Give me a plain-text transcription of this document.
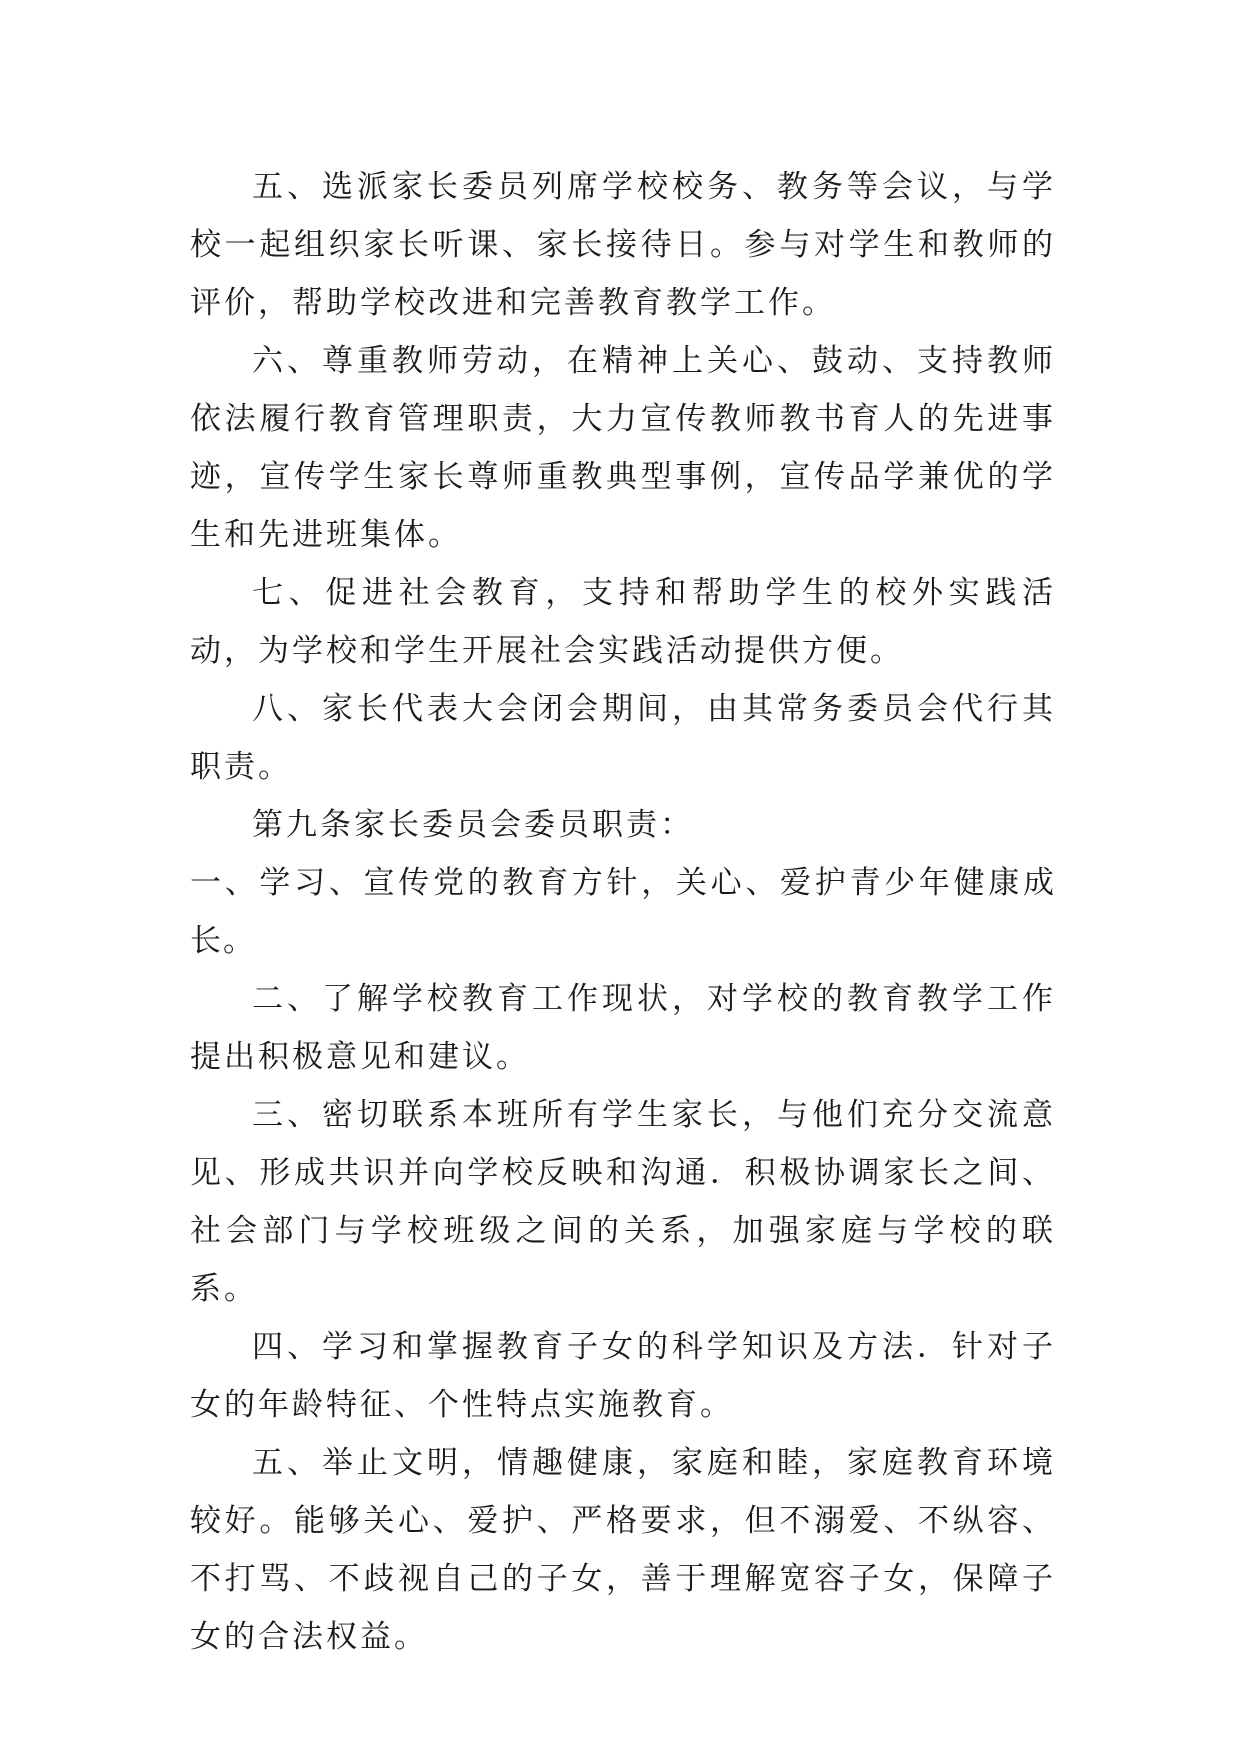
五、选派家长委员列席学校校务、教务等会议，与学校一起组织家长听课、家长接待日。参与对学生和教师的评价，帮助学校改进和完善教育教学工作。

六、尊重教师劳动，在精神上关心、鼓动、支持教师依法履行教育管理职责，大力宣传教师教书育人的先进事迹，宣传学生家长尊师重教典型事例，宣传品学兼优的学生和先进班集体。

七、促进社会教育，支持和帮助学生的校外实践活动，为学校和学生开展社会实践活动提供方便。

八、家长代表大会闭会期间，由其常务委员会代行其职责。

第九条家长委员会委员职责：

一、学习、宣传党的教育方针，关心、爱护青少年健康成长。

二、了解学校教育工作现状，对学校的教育教学工作提出积极意见和建议。

三、密切联系本班所有学生家长，与他们充分交流意见、形成共识并向学校反映和沟通．积极协调家长之间、社会部门与学校班级之间的关系，加强家庭与学校的联系。

四、学习和掌握教育子女的科学知识及方法．针对子女的年龄特征、个性特点实施教育。

五、举止文明，情趣健康，家庭和睦，家庭教育环境较好。能够关心、爱护、严格要求，但不溺爱、不纵容、不打骂、不歧视自己的子女，善于理解宽容子女，保障子女的合法权益。
